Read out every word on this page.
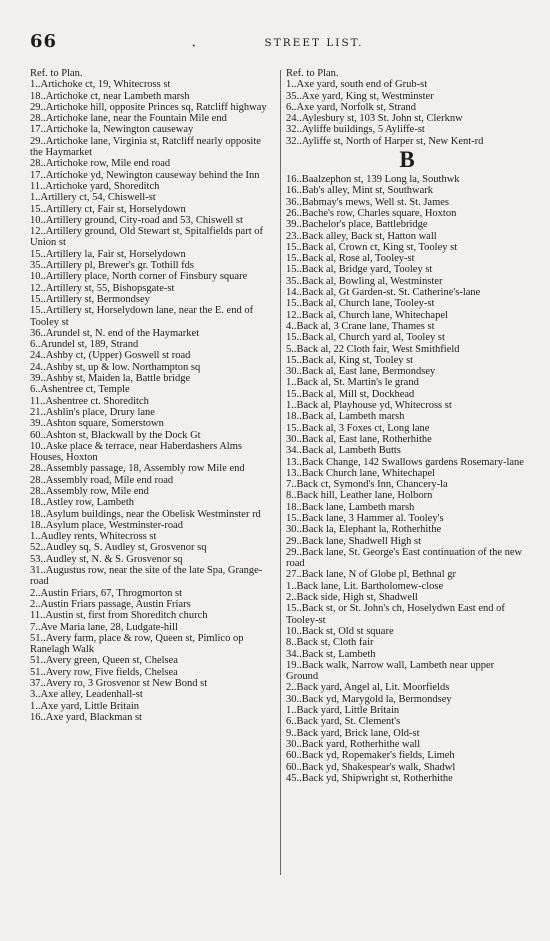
66	•	STREET LIST.

Ref. to Plan.

1..Artichoke ct, 19, Whitecross st

18..Artichoke ct, near Lambeth marsh

29..Artichoke hill, opposite Princes sq, Ratcliff highway

28..Artichoke lane, near the Fountain Mile end

17..Artichoke la, Newington causeway

29..Artichoke lane, Virginia st, Ratcliff nearly opposite the Haymarket

28..Artichoke row, Mile end road

17..Artichoke yd, Newington causeway behind the Inn

11..Artichoke yard, Shoreditch

1..Artillery ct, 54, Chiswell-st

15..Artillery ct, Fair st, Horselydown

10..Artillery ground, City-road and 53, Chiswell st

12..Artillery ground, Old Stewart st, Spitalfields part of Union st

15..Artillery la, Fair st, Horselydown

35..Artillery pl, Brewer's gr. Tothill fds

10..Artillery place, North corner of Finsbury square

12..Artillery st, 55, Bishopsgate-st

15..Artillery st, Bermondsey

15..Artillery st, Horselydown lane, near the E. end of Tooley st

36..Arundel st, N. end of the Haymarket

6..Arundel st, 189, Strand

24..Ashby ct, (Upper) Goswell st road

24..Ashby st, up & low. Northampton sq

39..Ashby st, Maiden la, Battle bridge

6..Ashentree ct, Temple

11..Ashentree ct. Shoreditch

21..Ashlin's place, Drury lane

39..Ashton square, Somerstown

60..Ashton st, Blackwall by the Dock Gt

10..Aske place & terrace, near Haberdashers Alms Houses, Hoxton

28..Assembly passage, 18, Assembly row Mile end

28..Assembly road, Mile end road

28..Assembly row, Mile end

18..Astley row, Lambeth

18..Asylum buildings, near the Obelisk Westminster rd

18..Asylum place, Westminster-road

1..Audley rents, Whitecross st

52..Audley sq, S. Audley st, Grosvenor sq

53..Audley st, N. & S. Grosvenor sq

31..Augustus row, near the site of the late Spa, Grange-road

2..Austin Friars, 67, Throgmorton st

2..Austin Friars passage, Austin Friars

11..Austin st, first from Shoreditch church

7..Ave Maria lane, 28, Ludgate-hill

51..Avery farm, place & row, Queen st, Pimlico op Ranelagh Walk

51..Avery green, Queen st, Chelsea

51..Avery row, Five fields, Chelsea

37..Avery ro, 3 Grosvenor st New Bond st

3..Axe alley, Leadenhall-st

1..Axe yard, Little Britain

16..Axe yard, Blackman st

Ref. to Plan.

1..Axe yard, south end of Grub-st

35..Axe yard, King st, Westminster

6..Axe yard, Norfolk st, Strand

24..Aylesbury st, 103 St. John st, Clerknw

32..Ayliffe buildings, 5 Ayliffe-st

32..Ayliffe st, North of Harper st, New Kent-rd

B

16..Baalzephon st, 139 Long la, Southwk

16..Bab's alley, Mint st, Southwark

36..Babmay's mews, Well st. St. James

26..Bache's row, Charles square, Hoxton

39..Bachelor's place, Battlebridge

23..Back alley, Back st, Hatton wall

15..Back al, Crown ct, King st, Tooley st

15..Back al, Rose al, Tooley-st

15..Back al, Bridge yard, Tooley st

35..Back al, Bowling al, Westminster

14..Back al, Gt Garden-st. St. Catherine's-lane

15..Back al, Church lane, Tooley-st

12..Back al, Church lane, Whitechapel

4..Back al, 3 Crane lane, Thames st

15..Back al, Church yard al, Tooley st

5..Back al, 22 Cloth fair, West Smithfield

15..Back al, King st, Tooley st

30..Back al, East lane, Bermondsey

1..Back al, St. Martin's le grand

15..Back al, Mill st, Dockhead

1..Back al, Playhouse yd, Whitecross st

18..Back al, Lambeth marsh

15..Back al, 3 Foxes ct, Long lane

30..Back al, East lane, Rotherhithe

34..Back al, Lambeth Butts

13..Back Change, 142 Swallows gardens Rosemary-lane

13..Back Church lane, Whitechapel

7..Back ct, Symond's Inn, Chancery-la

8..Back hill, Leather lane, Holborn

18..Back lane, Lambeth marsh

15..Back lane, 3 Hammer al. Tooley's

30..Back la, Elephant la, Rotherhithe

29..Back lane, Shadwell High st

29..Back lane, St. George's East continuation of the new road

27..Back lane, N of Globe pl, Bethnal gr

1..Back lane, Lit. Bartholomew-close

2..Back side, High st, Shadwell

15..Back st, or St. John's ch, Hoselydwn East end of Tooley-st

10..Back st, Old st square

8..Back st, Cloth fair

34..Back st, Lambeth

19..Back walk, Narrow wall, Lambeth near upper Ground

2..Back yard, Angel al, Lit. Moorfields

30..Back yd, Marygold la, Bermondsey

1..Back yard, Little Britain

6..Back yard, St. Clement's

9..Back yard, Brick lane, Old-st

30..Back yard, Rotherhithe wall

60..Back yd, Ropemaker's fields, Limeh

60..Back yd, Shakespear's walk, Shadwl

45..Back yd, Shipwright st, Rotherhithe
